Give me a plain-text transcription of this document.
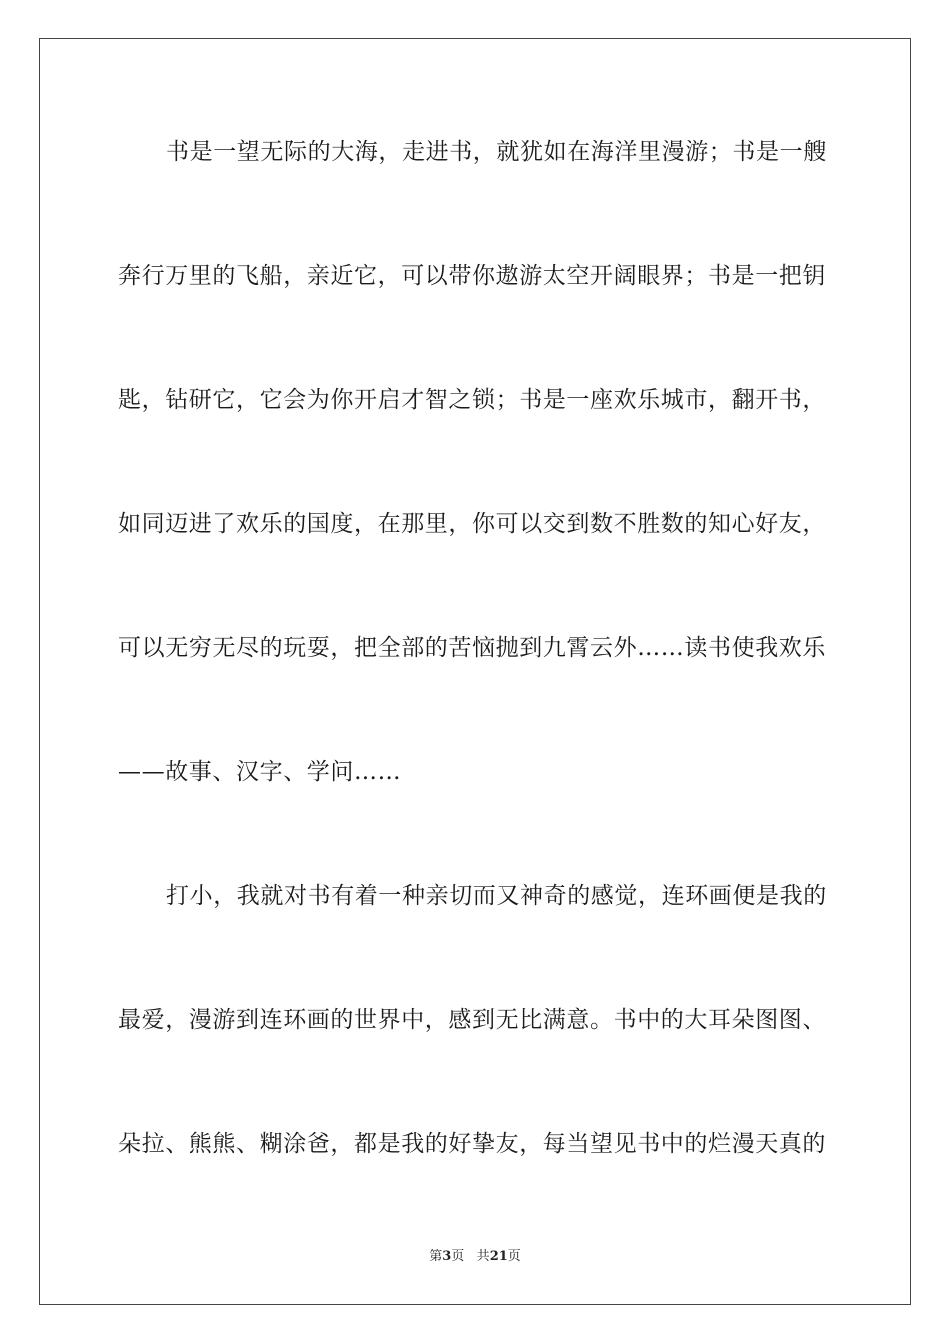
书是一望无际的大海，走进书，就犹如在海洋里漫游；书是一艘
奔行万里的飞船，亲近它，可以带你遨游太空开阔眼界；书是一把钥
匙，钻研它，它会为你开启才智之锁；书是一座欢乐城市，翻开书，
如同迈进了欢乐的国度，在那里，你可以交到数不胜数的知心好友，
可以无穷无尽的玩耍，把全部的苦恼抛到九霄云外……读书使我欢乐
——故事、汉字、学问……
打小，我就对书有着一种亲切而又神奇的感觉，连环画便是我的
最爱，漫游到连环画的世界中，感到无比满意。书中的大耳朵图图、
朵拉、熊熊、糊涂爸，都是我的好挚友，每当望见书中的烂漫天真的
第3页 共21页
